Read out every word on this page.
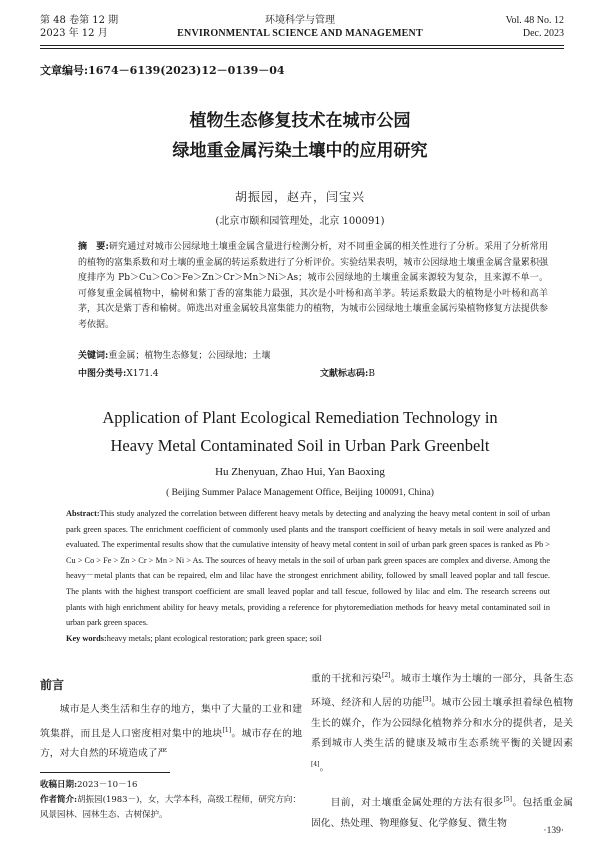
第 48 卷第 12 期
2023 年 12 月
环境科学与管理
ENVIRONMENTAL SCIENCE AND MANAGEMENT
Vol. 48 No. 12
Dec. 2023
文章编号:1674－6139(2023)12－0139－04
植物生态修复技术在城市公园
绿地重金属污染土壤中的应用研究
胡振园，赵卉，闫宝兴
(北京市颐和园管理处，北京 100091)
摘　要:研究通过对城市公园绿地土壤重金属含量进行检测分析，对不同重金属的相关性进行了分析。采用了分析常用的植物的富集系数和对土壤的重金属的转运系数进行了分析评价。实验结果表明，城市公园绿地土壤重金属含量累积强度排序为 Pb＞Cu＞Co＞Fe＞Zn＞Cr＞Mn＞Ni＞As；城市公园绿地的土壤重金属来源较为复杂，且来源不单一。可修复重金属植物中，榆树和紫丁香的富集能力最强，其次是小叶杨和高羊茅。转运系数最大的植物是小叶杨和高羊茅，其次是紫丁香和榆树。筛选出对重金属较具富集能力的植物，为城市公园绿地土壤重金属污染植物修复方法提供参考依据。
关键词:重金属；植物生态修复；公园绿地；土壤
中图分类号:X171.4	文献标志码:B
Application of Plant Ecological Remediation Technology in
Heavy Metal Contaminated Soil in Urban Park Greenbelt
Hu Zhenyuan, Zhao Hui, Yan Baoxing
( Beijing Summer Palace Management Office, Beijing 100091, China)
Abstract:This study analyzed the correlation between different heavy metals by detecting and analyzing the heavy metal content in soil of urban park green spaces. The enrichment coefficient of commonly used plants and the transport coefficient of heavy metals in soil were analyzed and evaluated. The experimental results show that the cumulative intensity of heavy metal content in soil of urban park green spaces is ranked as Pb > Cu > Co > Fe > Zn > Cr > Mn > Ni > As. The sources of heavy metals in the soil of urban park green spaces are complex and diverse. Among the heavy－metal plants that can be repaired, elm and lilac have the strongest enrichment ability, followed by small leaved poplar and tall fescue. The plants with the highest transport coefficient are small leaved poplar and tall fescue, followed by lilac and elm. The research screens out plants with high enrichment ability for heavy metals, providing a reference for phytoremediation methods for heavy metal contaminated soil in urban park green spaces.
Key words:heavy metals; plant ecological restoration; park green space; soil
前言
城市是人类生活和生存的地方，集中了大量的工业和建筑集群，而且是人口密度相对集中的地块[1]。城市存在的地方，对大自然的环境造成了严
重的干扰和污染[2]。城市土壤作为土壤的一部分，具备生态环境、经济和人居的功能[3]。城市公园土壤承担着绿色植物生长的媒介，作为公园绿化植物养分和水分的提供者，是关系到城市人类生活的健康及城市生态系统平衡的关键因素[4]。
目前，对土壤重金属处理的方法有很多[5]。包括重金属固化、热处理、物理修复、化学修复、微生物
收稿日期:2023－10－16
作者简介:胡振园(1983－)，女，大学本科，高级工程师，研究方向：风景园林、园林生态、古树保护。
·139·
